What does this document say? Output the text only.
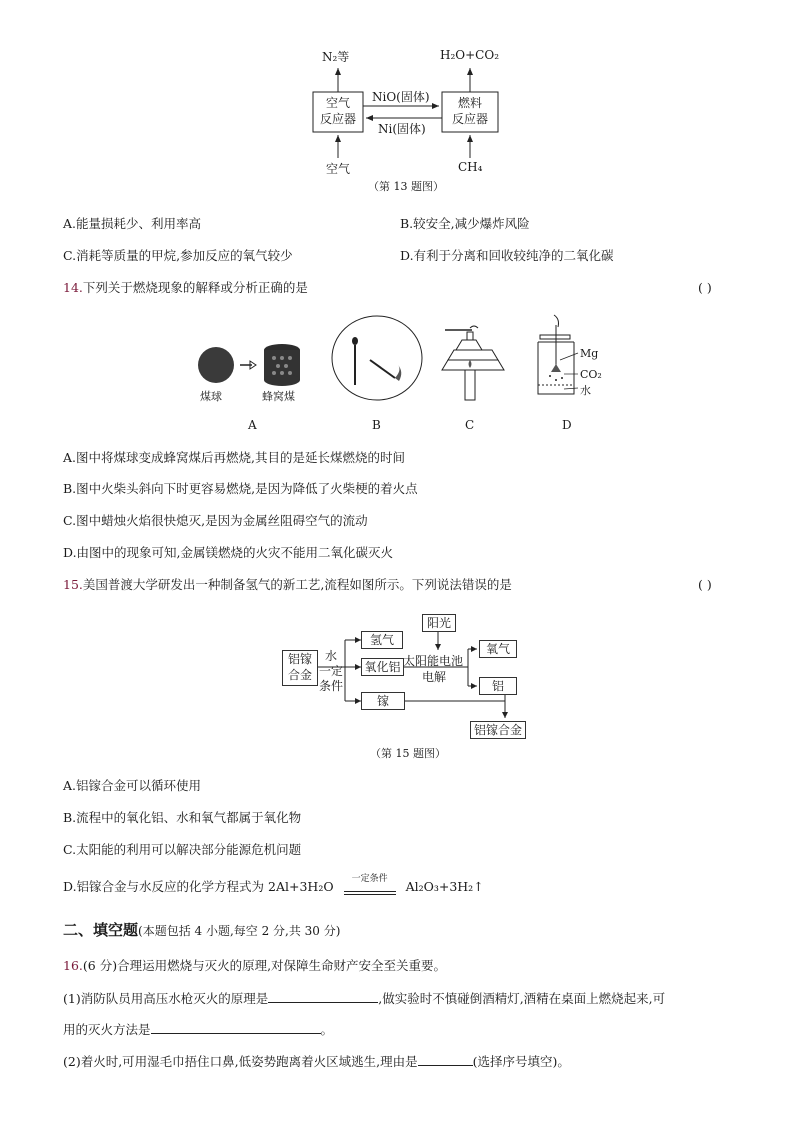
N₂等	H₂O+CO₂
空气
反应器
燃料
反应器
NiO(固体)
Ni(固体)
空气	CH₄
（第 13 题图）
A.能量损耗少、利用率高	B.较安全,减少爆炸风险
C.消耗等质量的甲烷,参加反应的氧气较少	D.有利于分离和回收较纯净的二氧化碳
14.下列关于燃烧现象的解释或分析正确的是	( )
煤球	蜂窝煤
Mg
CO₂
水
A	B	C	D
A.图中将煤球变成蜂窝煤后再燃烧,其目的是延长煤燃烧的时间
B.图中火柴头斜向下时更容易燃烧,是因为降低了火柴梗的着火点
C.图中蜡烛火焰很快熄灭,是因为金属丝阻碍空气的流动
D.由图中的现象可知,金属镁燃烧的火灾不能用二氧化碳灭火
15.美国普渡大学研发出一种制备氢气的新工艺,流程如图所示。下列说法错误的是	( )
铝镓
合金
水
一定
条件
氢气
氧化铝
镓
阳光
太阳能电池
电解
氧气
铝
铝镓合金
（第 15 题图）
A.铝镓合金可以循环使用
B.流程中的氧化铝、水和氧气都属于氧化物
C.太阳能的利用可以解决部分能源危机问题
D.铝镓合金与水反应的化学方程式为 2Al+3H₂O	一定条件	Al₂O₃+3H₂↑
二、填空题(本题包括 4 小题,每空 2 分,共 30 分)
16.(6 分)合理运用燃烧与灭火的原理,对保障生命财产安全至关重要。
(1)消防队员用高压水枪灭火的原理是	,做实验时不慎碰倒酒精灯,酒精在桌面上燃烧起来,可
用的灭火方法是	。
(2)着火时,可用湿毛巾捂住口鼻,低姿势跑离着火区域逃生,理由是	(选择序号填空)。
